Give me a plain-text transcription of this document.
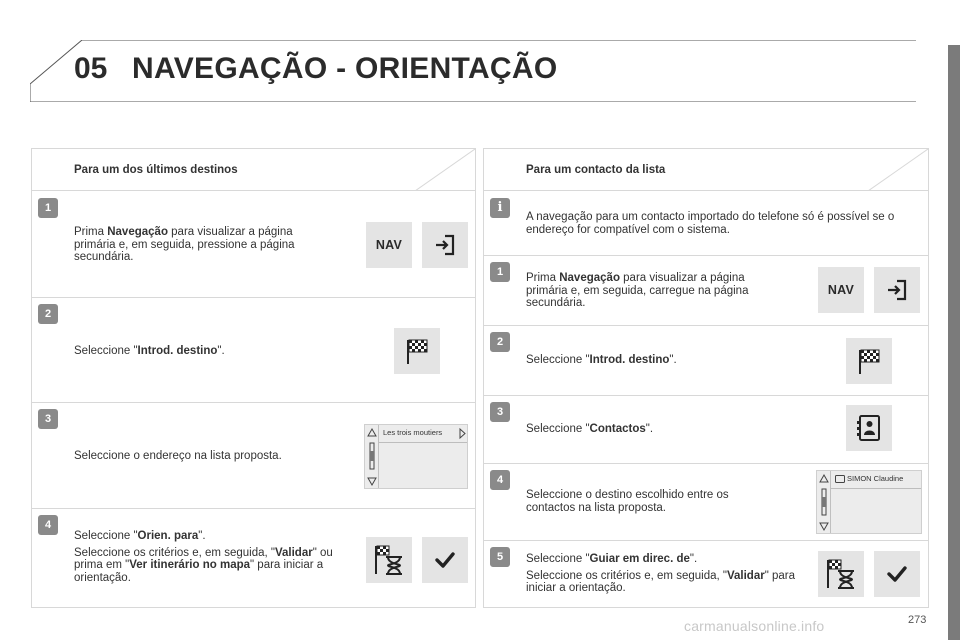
05 NAVEGAÇÃO - ORIENTAÇÃO
Para um dos últimos destinos
1
Prima Navegação para visualizar a página primária e, em seguida, pressione a página secundária.
NAV
2
Seleccione "Introd. destino".
3
Seleccione o endereço na lista proposta.
Les trois moutiers
4

Seleccione "Orien. para".

Seleccione os critérios e, em seguida, "Validar" ou prima em "Ver itinerário no mapa" para iniciar a orientação.

Para um contacto da lista
i
A navegação para um contacto importado do telefone só é possível se o endereço for compatível com o sistema.
1	Prima Navegação para visualizar a página primária e, em seguida, carregue na página secundária.
NAV
2
Seleccione "Introd. destino".
3
Seleccione "Contactos".
4
Seleccione o destino escolhido entre os contactos na lista proposta.
SIMON Claudine
5	Seleccione "Guiar em direc. de".

Seleccione os critérios e, em seguida, "Validar" para iniciar a orientação.

carmanualsonline.info	273
